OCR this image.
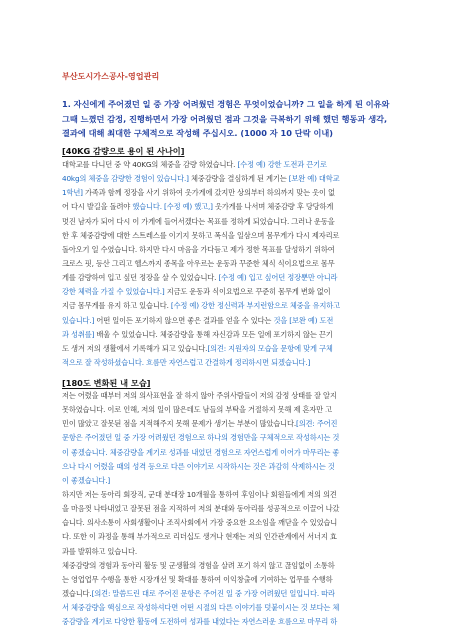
부산도시가스공사-영업관리
1. 자신에게 주어졌던 일 중 가장 어려웠던 경험은 무엇이었습니까? 그 일을 하게 된 이유와 그때 느꼈던 감정, 진행하면서 가장 어려웠던 점과 그것을 극복하기 위해 했던 행동과 생각, 결과에 대해 최대한 구체적으로 작성해 주십시오. (1000 자 10 단락 이내)
[40KG 감량으로 용이 된 사나이]
대학교를 다니던 중 약 40KG의 체중을 감량 하였습니다. [수정 예) 강한 도전과 끈기로
40kg의 체중을 감량한 경험이 있습니다.] 체중감량을 결심하게 된 계기는 [보완 예) 대학교
1학년] 가족과 함께 정장을 사기 위하여 옷가게에 갔지만 상의부터 하의까지 맞는 옷이 없
어 다시 발길을 돌려야 했습니다. [수정 예) 했고,] 옷가게를 나서며 체중감량 후 당당하게
멋진 남자가 되어 다시 이 가게에 들어서겠다는 목표를 정하게 되었습니다. 그러나 운동을
한 후 체중감량에 대한 스트레스를 이기지 못하고 폭식을 일삼으며 몸무게가 다시 제자리로
돌아오기 일 수였습니다. 하지만 다시 마음을 가다듬고 제가 정한 목표를 달성하기 위하여
크로스 핏, 등산 그리고 헬스까지 종목을 아우르는 운동과 꾸준한 체식 식이요법으로 몸무
게를 감량하여 입고 싶던 정장을 살 수 있었습니다. [수정 예) 입고 싶어던 정장뿐만 아니라
강한 체력을 가질 수 있었습니다.] 지금도 운동과 식이요법으로 꾸준히 몸무게 변화 없이
지금 몸무게를 유지 하고 있습니다. [수정 예) 강한 정신력과 부지런함으로 체중을 유지하고
있습니다.] 어떤 일이든 포기하지 않으면 좋은 결과를 얻을 수 있다는 것을 [보완 예) 도전
과 성취를] 배울 수 있었습니다. 체중감량을 통해 자신감과 모든 일에 포기하지 않는 끈기
도 생겨 저의 생활에서 기록해가 되고 있습니다.[의견: 지원자의 모습을 문항에 맞게 구체
적으로 잘 작성하셨습니다. 흐름만 자연스럽고 간결하게 정리하시면 되겠습니다.]
[180도 변화된 내 모습]
저는 어렸을 때부터 저의 의사표현을 잘 하지 않아 주위사람들이 저의 감정 상태를 잘 알지
못하였습니다. 이로 인해, 저의 일이 많은데도 남들의 부탁을 거절하지 못해 제 혼자만 고
민이 많았고 잘못된 점을 지적해주지 못해 문제가 생기는 부분이 많았습니다.[의견: 주어진
문항은 주어졌던 일 중 가장 어려웠던 경험으로 하나의 경험만을 구체적으로 작성하시는 것
이 좋겠습니다. 체중감량을 계기로 성과를 내었던 경험으로 자연스럽게 이어가 마무리는 좋
으나 다시 어렸을 때의 성격 등으로 다른 이야기로 시작하시는 것은 과감히 삭제하시는 것
이 좋겠습니다.]
하지만 저는 동아리 회장직, 군대 분대장 10개월을 통하여 후임이나 회원들에게 저의 의견
을 마음껏 나타내었고 잘못된 점을 지적하여 저의 분대와 동아리를 성공적으로 이끌어 나갔
습니다. 의사소통이 사회생활이나 조직사회에서 가장 중요한 요소임을 깨닫을 수 있었습니
다. 또한 이 과정을 통해 부가적으로 리더십도 생겨나 현재는 저의 인간관계에서 서너지 효
과를 발휘하고 있습니다.
체중감량의 경험과 동아리 활동 및 군생활의 경험을 살려 포기 하지 않고 끊임없이 소통하
는 영업업무 수행을 통한 시장개선 및 확대를 통하여 이익창출에 기여하는 업무를 수행하
겠습니다.[의견: 말씀드린 대로 주어진 문항은 주어진 일 중 가장 어려웠던 일입니다. 따라
서 체중감량을 핵심으로 작성하셔다면 어떤 시절의 다른 이야기를 덧붙이시는 것 보다는 체
중감량을 계기로 다양한 활동에 도전하여 성과를 내었다는 자연스러운 흐름으로 마무리 하
